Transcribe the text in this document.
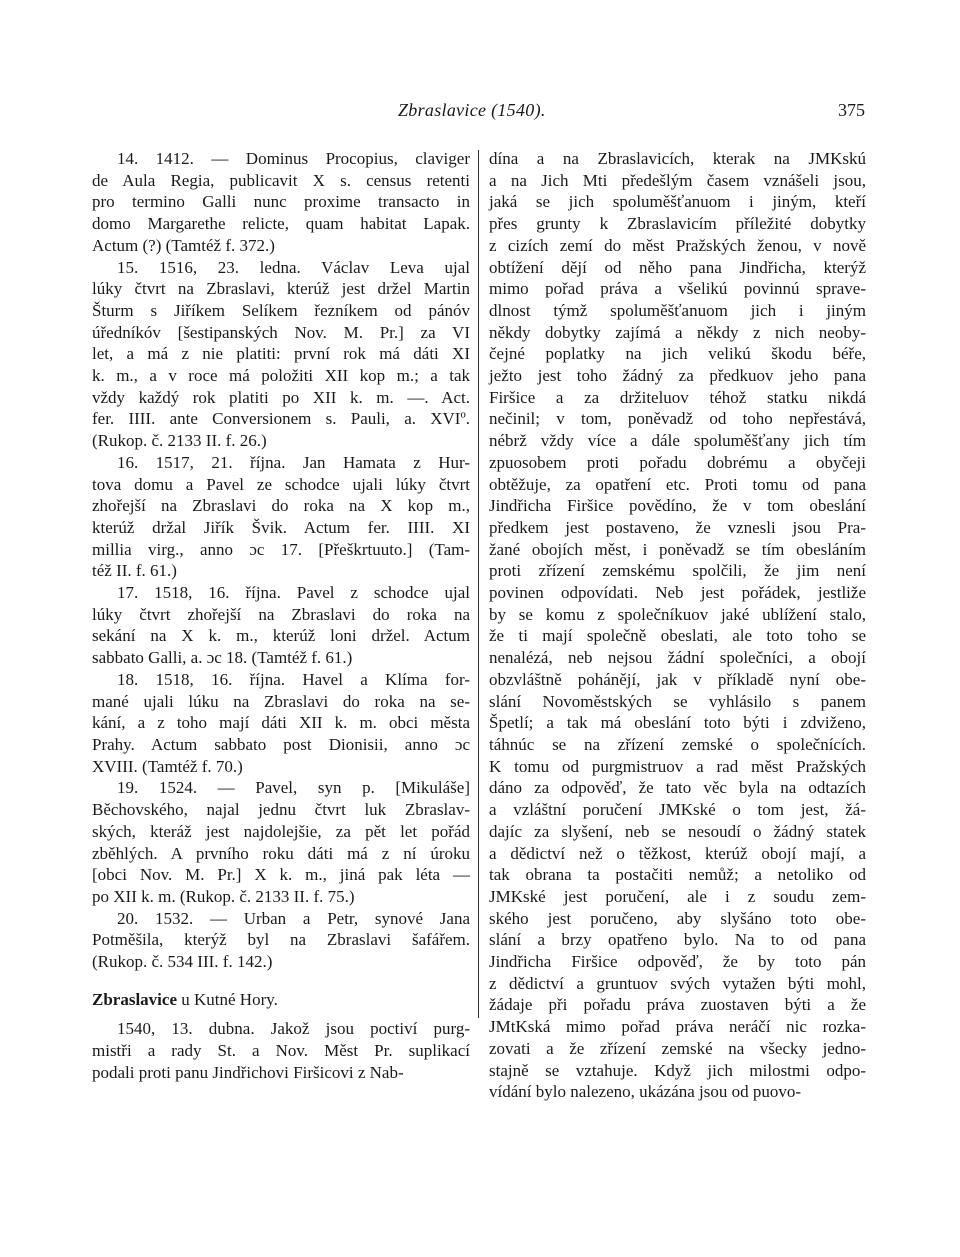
Zbraslavice (1540).	375
14. 1412. — Dominus Procopius, claviger
de Aula Regia, publicavit X s. census retenti
pro termino Galli nunc proxime transacto in
domo Margarethe relicte, quam habitat Lapak.
Actum (?) (Tamtéž f. 372.)
15. 1516, 23. ledna. Václav Leva ujal
lúky čtvrt na Zbraslavi, kterúž jest držel Martin
Šturm s Jiříkem Selíkem řezníkem od pánóv
úředníkóv [šestipanských Nov. M. Pr.] za VI
let, a má z nie platiti: první rok má dáti XI
k. m., a v roce má položiti XII kop m.; a tak
vždy každý rok platiti po XII k. m. —. Act.
fer. IIII. ante Conversionem s. Pauli, a. XVIº.
(Rukop. č. 2133 II. f. 26.)
16. 1517, 21. října. Jan Hamata z Hur-
tova domu a Pavel ze schodce ujali lúky čtvrt
zhořejší na Zbraslavi do roka na X kop m.,
kterúž držal Jiřík Švik. Actum fer. IIII. XI
millia virg., anno ɔc 17. [Přeškrtuuto.] (Tam-
též II. f. 61.)
17. 1518, 16. října. Pavel z schodce ujal
lúky čtvrt zhořejší na Zbraslavi do roka na
sekání na X k. m., kterúž loni držel. Actum
sabbato Galli, a. ɔc 18. (Tamtéž f. 61.)
18. 1518, 16. října. Havel a Klíma for-
mané ujali lúku na Zbraslavi do roka na se-
kání, a z toho mají dáti XII k. m. obci města
Prahy. Actum sabbato post Dionisii, anno ɔc
XVIII. (Tamtéž f. 70.)
19. 1524. — Pavel, syn p. [Mikuláše]
Běchovského, najal jednu čtvrt luk Zbraslav-
ských, kteráž jest najdolejšie, za pět let pořád
zběhlých. A prvního roku dáti má z ní úroku
[obci Nov. M. Pr.] X k. m., jiná pak léta —
po XII k. m. (Rukop. č. 2133 II. f. 75.)
20. 1532. — Urban a Petr, synové Jana
Potměšila, kterýž byl na Zbraslavi šafářem.
(Rukop. č. 534 III. f. 142.)
Zbraslavice u Kutné Hory.
1540, 13. dubna. Jakož jsou poctiví purg-
mistři a rady St. a Nov. Měst Pr. suplikací
podali proti panu Jindřichovi Firšicovi z Nab-
dína a na Zbraslavicích, kterak na JMKskú
a na Jich Mti předešlým časem vznášeli jsou,
jaká se jich spoluměšťanuom i jiným, kteří
přes grunty k Zbraslavicím příležité dobytky
z cizích zemí do měst Pražských ženou, v nově
obtížení dějí od něho pana Jindřicha, kterýž
mimo pořad práva a všelikú povinnú sprave-
dlnost týmž spoluměšťanuom jich i jiným
někdy dobytky zajímá a někdy z nich neoby-
čejné poplatky na jich velikú škodu béře,
ježto jest toho žádný za předkuov jeho pana
Firšice a za držiteluov téhož statku nikdá
nečinil; v tom, poněvadž od toho nepřestává,
nébrž vždy více a dále spoluměšťany jich tím
zpuosobem proti pořadu dobrému a obyčeji
obtěžuje, za opatření etc. Proti tomu od pana
Jindřicha Firšice povědíno, že v tom obeslání
předkem jest postaveno, že vznesli jsou Pra-
žané obojích měst, i poněvadž se tím obesláním
proti zřízení zemskému spolčili, že jim není
povinen odpovídati. Neb jest pořádek, jestliže
by se komu z společníkuov jaké ublížení stalo,
že ti mají společně obeslati, ale toto toho se
nenalézá, neb nejsou žádní společníci, a obojí
obzvláštně pohánějí, jak v příkladě nyní obe-
slání Novoměstských se vyhlásilo s panem
Špetlí; a tak má obeslání toto býti i zdviženo,
táhnúc se na zřízení zemské o společnících.
K tomu od purgmistruov a rad měst Pražských
dáno za odpověď, že tato věc byla na odtazích
a vzláštní poručení JMKské o tom jest, žá-
dajíc za slyšení, neb se nesoudí o žádný statek
a dědictví než o těžkost, kterúž obojí mají, a
tak obrana ta postačiti nemůž; a netoliko od
JMKské jest poručení, ale i z soudu zem-
ského jest poručeno, aby slyšáno toto obe-
slání a brzy opatřeno bylo. Na to od pana
Jindřicha Firšice odpověď, že by toto pán
z dědictví a gruntuov svých vytažen býti mohl,
žádaje při pořadu práva zuostaven býti a že
JMtKská mimo pořad práva neráčí nic rozka-
zovati a že zřízení zemské na všecky jedno-
stajně se vztahuje. Když jich milostmi odpo-
vídání bylo nalezeno, ukázána jsou od puovo-
